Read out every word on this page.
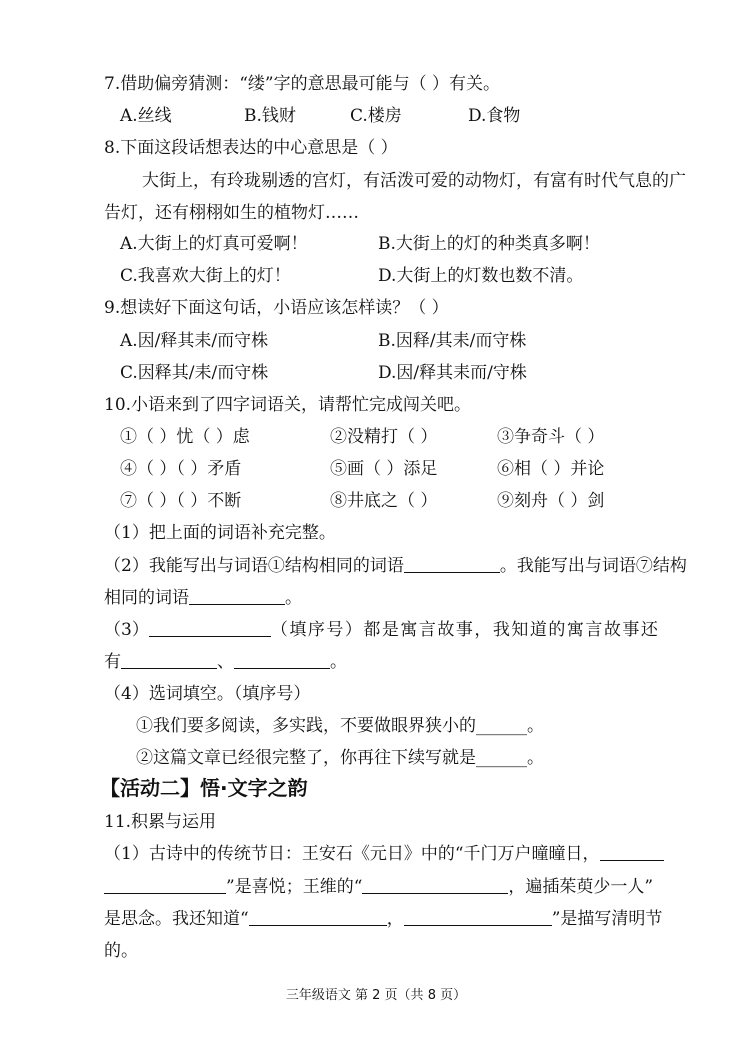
7.借助偏旁猜测：“缕”字的意思最可能与（ ）有关。
A.丝线	B.钱财	C.楼房	D.食物
8.下面这段话想表达的中心意思是（ ）
大街上，有玲珑剔透的宫灯，有活泼可爱的动物灯，有富有时代气息的广
告灯，还有栩栩如生的植物灯……
A.大街上的灯真可爱啊！	B.大街上的灯的种类真多啊！
C.我喜欢大街上的灯！	D.大街上的灯数也数不清。
9.想读好下面这句话，小语应该怎样读？（ ）
A.因/释其耒/而守株	B.因释/其耒/而守株
C.因释其/耒/而守株	D.因/释其耒而/守株
10.小语来到了四字词语关，请帮忙完成闯关吧。
①（ ）忧（ ）虑	②没精打（ ）	③争奇斗（ ）
④（ ）（ ）矛盾	⑤画（ ）添足	⑥相（ ）并论
⑦（ ）（ ）不断	⑧井底之（ ）	⑨刻舟（ ）剑
（1）把上面的词语补充完整。
（2）我能写出与词语①结构相同的词语	。我能写出与词语⑦结构
相同的词语	。
（3）	（填序号）都是寓言故事，我知道的寓言故事还
有	、	。
（4）选词填空。（填序号）
①我们要多阅读，多实践，不要做眼界狭小的______。
②这篇文章已经很完整了，你再往下续写就是______。
【活动二】悟·文字之韵
11.积累与运用
（1）古诗中的传统节日：王安石《元日》中的“千门万户曈曈日，
”是喜悦；王维的“	，遍插茱萸少一人”
是思念。我还知道“	，	”是描写清明节
的。
三年级语文 第 2 页（共 8 页）
